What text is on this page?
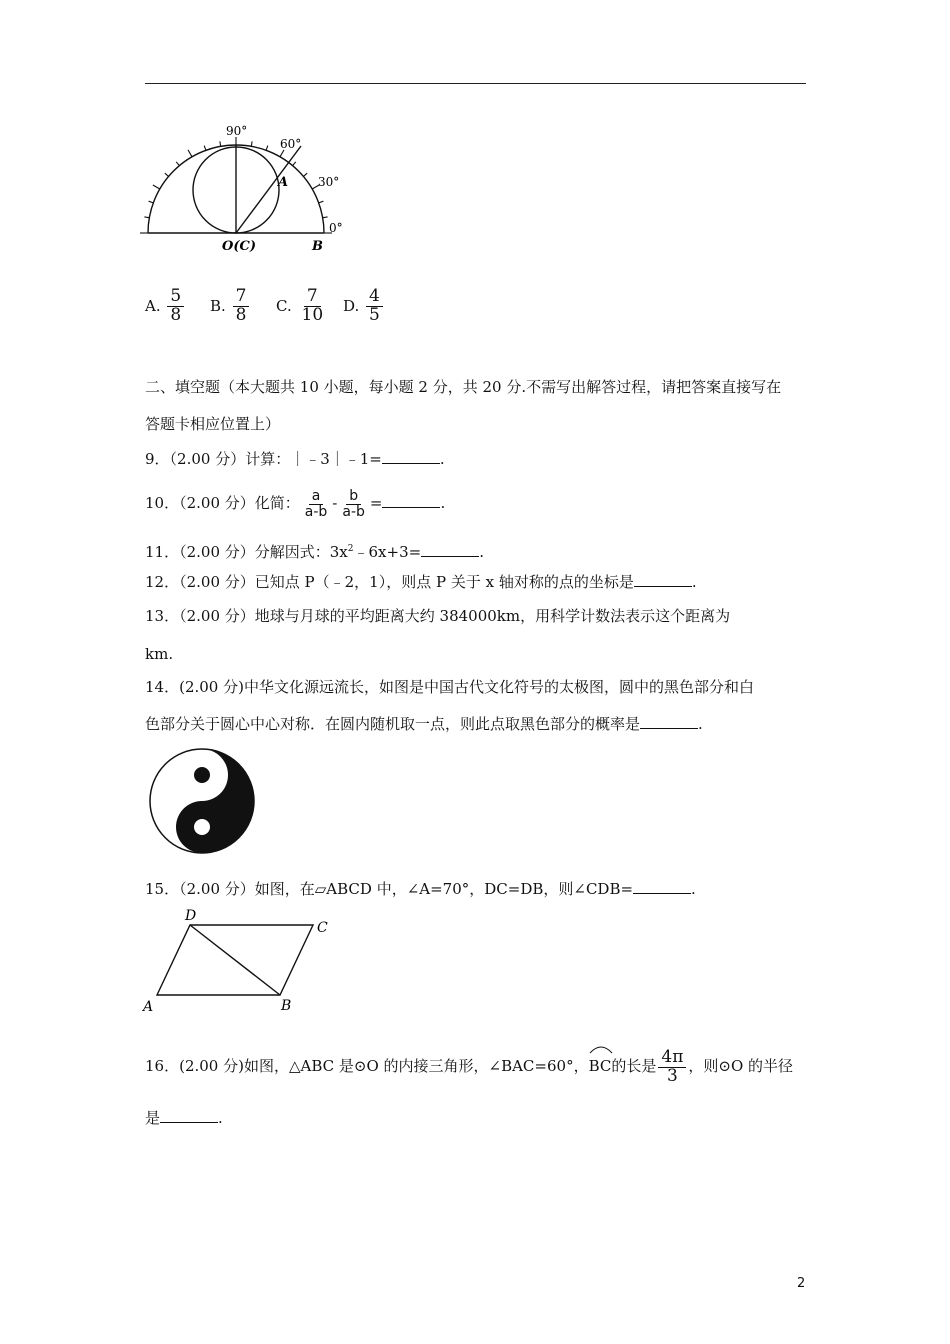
90°
60°
30°
0°
A
O(C)	B
A.
$\frac{5}{8} B$.
$\frac{7}{8} C$.
$\frac{7}{10} D$.
$\frac{4}{5}$
二、填空题（本大题共 10 小题，每小题 2 分，共 20 分.不需写出解答过程，请把答案直接写在
答题卡相应位置上）
9．（2.00 分）计算：｜﹣3｜﹣1=	.
10．（2.00 分）化简： $\frac{a}{a-b} - \frac{b}{a-b}$ =	.
11．（2.00 分）分解因式：$3x^2﹣6x+3=$	.
12．（2.00 分）已知点 P（﹣2，1），则点 P 关于 x 轴对称的点的坐标是	.
13．（2.00 分）地球与月球的平均距离大约 384000km，用科学计数法表示这个距离为
km.
14．(2.00 分)中华文化源远流长，如图是中国古代文化符号的太极图，圆中的黑色部分和白
色部分关于圆心中心对称．在圆内随机取一点，则此点取黑色部分的概率是	.
15．（2.00 分）如图，在▱ABCD 中，∠A=70°，DC=DB，则∠CDB=	.
D
C
A	B
16．(2.00 分)如图，△ABC 是⊙O 的内接三角形，∠BAC=60°，
BC的长是 $\frac{4\pi}{3}$ ，则⊙O 的半径
是	.
2
